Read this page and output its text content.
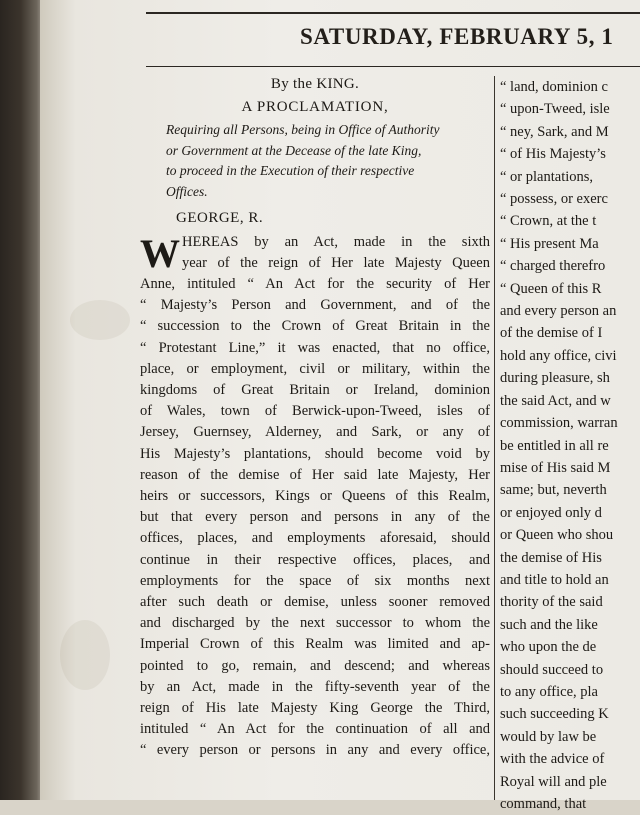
SATURDAY, FEBRUARY 5, 1
By the KING.
A PROCLAMATION,
Requiring all Persons, being in Office of Authority
or Government at the Decease of the late King,
to proceed in the Execution of their respective
Offices.
GEORGE, R.
W HEREAS by an Act, made in the sixth
year of the reign of Her late Majesty Queen
Anne, intituled “ An Act for the security of Her
“ Majesty’s Person and Government, and of the
“ succession to the Crown of Great Britain in the
“ Protestant Line,” it was enacted, that no office,
place, or employment, civil or military, within the
kingdoms of Great Britain or Ireland, dominion
of Wales, town of Berwick-upon-Tweed, isles of
Jersey, Guernsey, Alderney, and Sark, or any of
His Majesty’s plantations, should become void by
reason of the demise of Her said late Majesty, Her
heirs or successors, Kings or Queens of this Realm,
but that every person and persons in any of the
offices, places, and employments aforesaid, should
continue in their respective offices, places, and
employments for the space of six months next
after such death or demise, unless sooner removed
and discharged by the next successor to whom the
Imperial Crown of this Realm was limited and ap-
pointed to go, remain, and descend; and whereas
by an Act, made in the fifty-seventh year of the
reign of His late Majesty King George the Third,
intituled “ An Act for the continuation of all and
“ every person or persons in any and every office,
“ land, dominion c
“ upon-Tweed, isle
“ ney, Sark, and M
“ of His Majesty’s
“ or plantations,
“ possess, or exerc
“ Crown, at the t
“ His present Ma
“ charged therefro
“ Queen of this R
and every person an
of the demise of I
hold any office, civi
during pleasure, sh
the said Act, and w
commission, warran
be entitled in all re
mise of His said M
same; but, neverth
or enjoyed only d
or Queen who shou
the demise of His
and title to hold an
thority of the said
such and the like
who upon the de
should succeed to
to any office, pla
such succeeding K
would by law be
with the advice of
Royal will and ple
command, that
